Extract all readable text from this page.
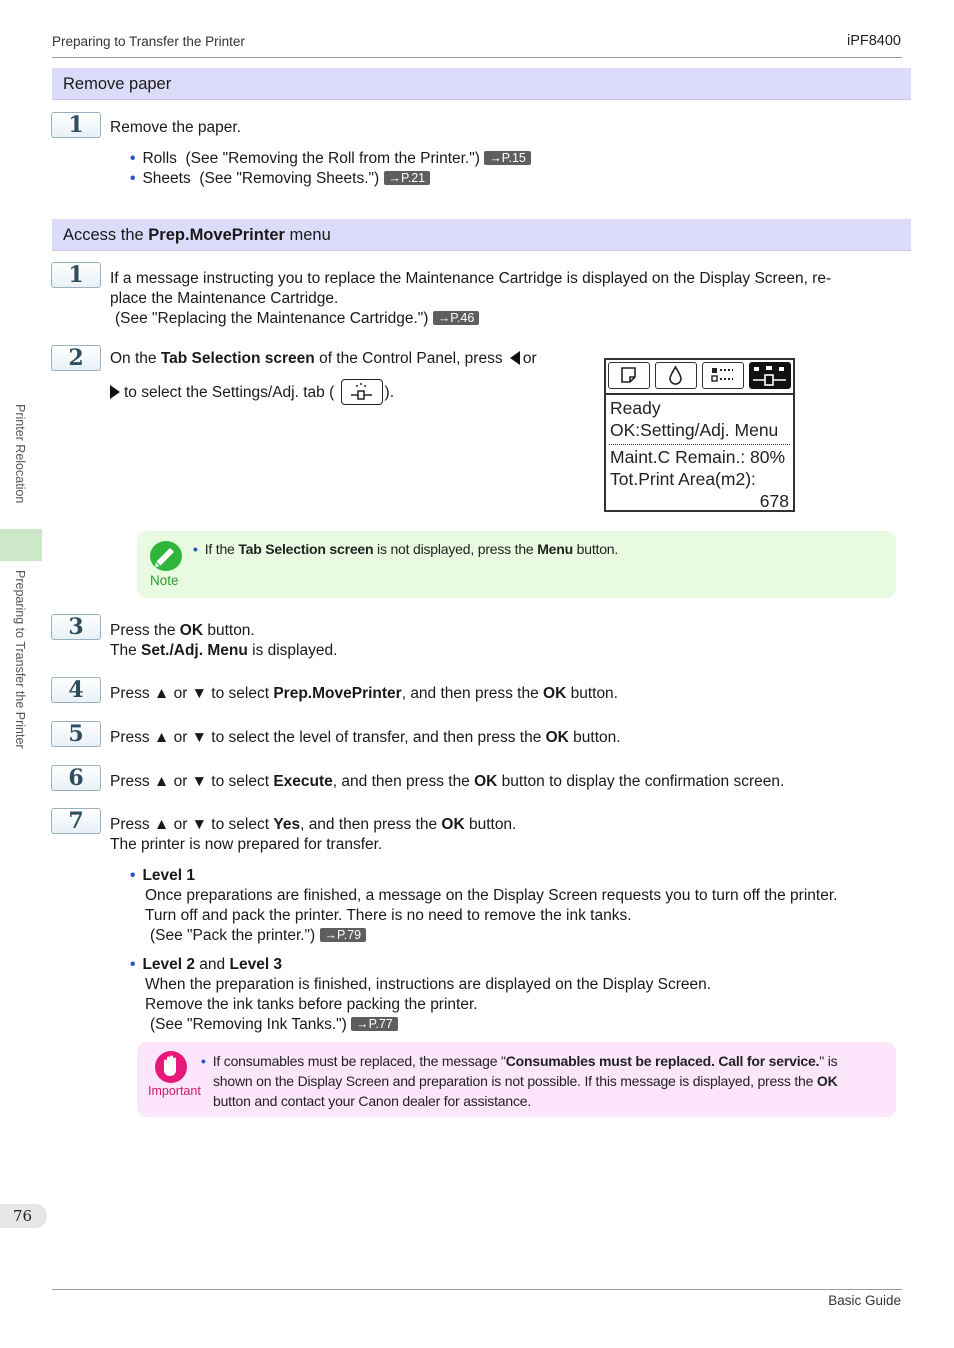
Preparing to Transfer the Printer	iPF8400
Printer Relocation
Preparing to Transfer the Printer
Remove paper
1	Remove the paper.
• Rolls (See "Removing the Roll from the Printer.") →P.15
• Sheets (See "Removing Sheets.") →P.21
Access the Prep.MovePrinter menu
1	If a message instructing you to replace the Maintenance Cartridge is displayed on the Display Screen, re-
place the Maintenance Cartridge.
(See "Replacing the Maintenance Cartridge.") →P.46
2	On the Tab Selection screen of the Control Panel, press or
to select the Settings/Adj. tab (	).
Ready
OK:Setting/Adj. Menu
Maint.C Remain.: 80%
Tot.Print Area(m2):
678
Note
• If the Tab Selection screen is not displayed, press the Menu button.
3	Press the OK button.
The Set./Adj. Menu is displayed.
4	Press ▲ or ▼ to select Prep.MovePrinter, and then press the OK button.
5	Press ▲ or ▼ to select the level of transfer, and then press the OK button.
6	Press ▲ or ▼ to select Execute, and then press the OK button to display the confirmation screen.
7	Press ▲ or ▼ to select Yes, and then press the OK button.
The printer is now prepared for transfer.
• Level 1
Once preparations are finished, a message on the Display Screen requests you to turn off the printer.
Turn off and pack the printer. There is no need to remove the ink tanks.
(See "Pack the printer.") →P.79
• Level 2 and Level 3
When the preparation is finished, instructions are displayed on the Display Screen.
Remove the ink tanks before packing the printer.
(See "Removing Ink Tanks.") →P.77
Important
• If consumables must be replaced, the message "Consumables must be replaced. Call for service." is
shown on the Display Screen and preparation is not possible. If this message is displayed, press the OK
button and contact your Canon dealer for assistance.
76
Basic Guide
